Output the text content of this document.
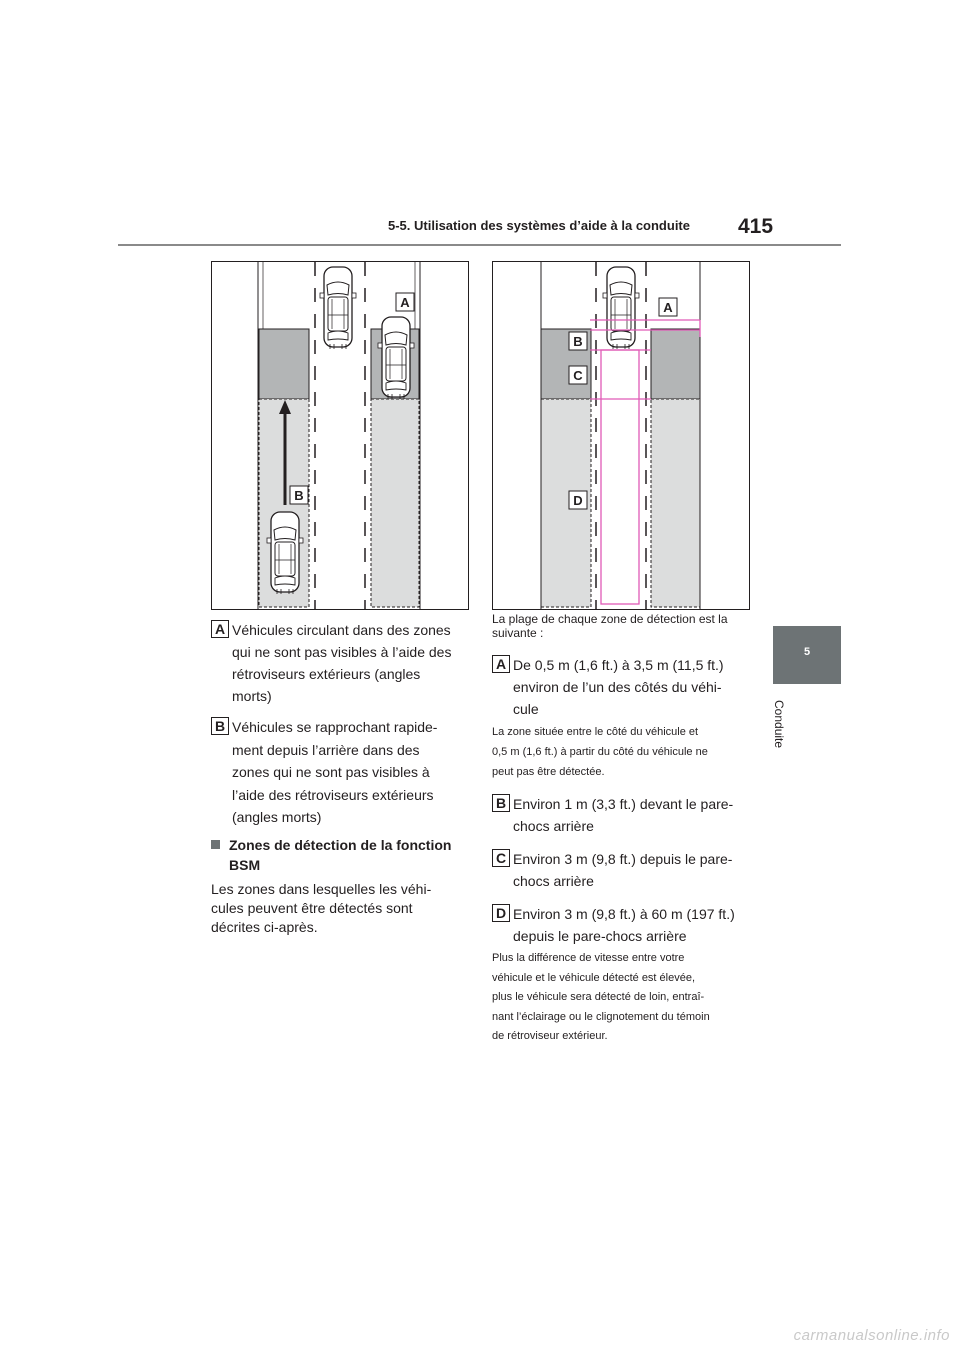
5-5. Utilisation des systèmes d’aide à la conduite 415
5
Conduite
A
B
A
B
C
D
A Véhicules circulant dans des zones
qui ne sont pas visibles à l’aide des
rétroviseurs extérieurs (angles
morts)
B Véhicules se rapprochant rapide-
ment depuis l’arrière dans des
zones qui ne sont pas visibles à
l’aide des rétroviseurs extérieurs
(angles morts)
Zones de détection de la fonction
BSM
Les zones dans lesquelles les véhi-
cules peuvent être détectés sont
décrites ci-après.
La plage de chaque zone de détection est la
suivante :
A De 0,5 m (1,6 ft.) à 3,5 m (11,5 ft.)
environ de l’un des côtés du véhi-
cule
La zone située entre le côté du véhicule et
0,5 m (1,6 ft.) à partir du côté du véhicule ne
peut pas être détectée.
B Environ 1 m (3,3 ft.) devant le pare-
chocs arrière
C Environ 3 m (9,8 ft.) depuis le pare-
chocs arrière
D Environ 3 m (9,8 ft.) à 60 m (197 ft.)
depuis le pare-chocs arrière
Plus la différence de vitesse entre votre
véhicule et le véhicule détecté est élevée,
plus le véhicule sera détecté de loin, entraî-
nant l’éclairage ou le clignotement du témoin
de rétroviseur extérieur.
carmanualsonline.info
